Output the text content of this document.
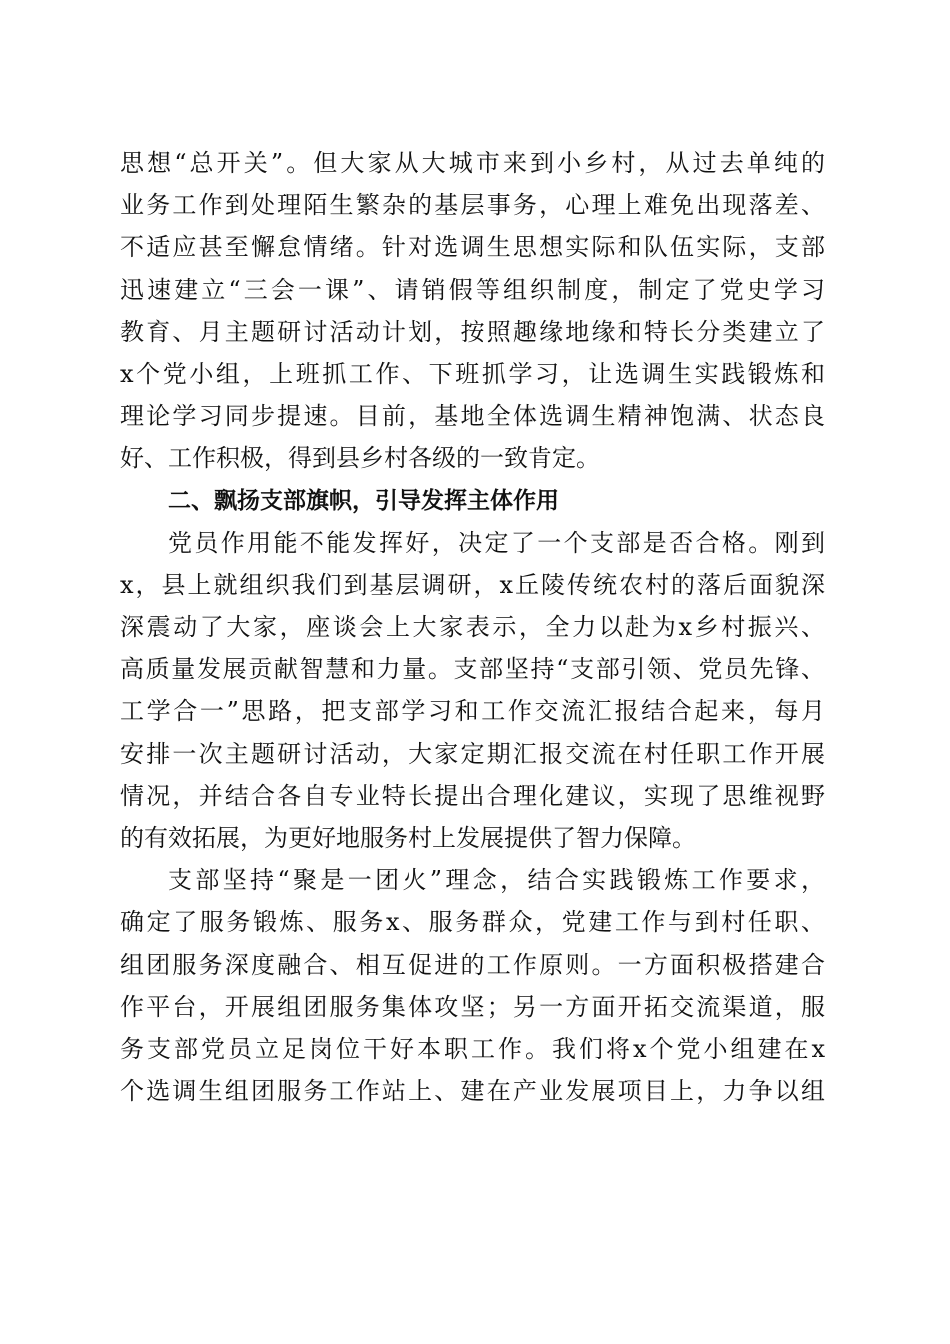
思想“总开关”。但大家从大城市来到小乡村，从过去单纯的
业务工作到处理陌生繁杂的基层事务，心理上难免出现落差、
不适应甚至懈怠情绪。针对选调生思想实际和队伍实际，支部
迅速建立“三会一课”、请销假等组织制度，制定了党史学习
教育、月主题研讨活动计划，按照趣缘地缘和特长分类建立了
x个党小组，上班抓工作、下班抓学习，让选调生实践锻炼和
理论学习同步提速。目前，基地全体选调生精神饱满、状态良
好、工作积极，得到县乡村各级的一致肯定。
二、飘扬支部旗帜，引导发挥主体作用
党员作用能不能发挥好，决定了一个支部是否合格。刚到
x，县上就组织我们到基层调研，x丘陵传统农村的落后面貌深
深震动了大家，座谈会上大家表示，全力以赴为x乡村振兴、
高质量发展贡献智慧和力量。支部坚持“支部引领、党员先锋、
工学合一”思路，把支部学习和工作交流汇报结合起来，每月
安排一次主题研讨活动，大家定期汇报交流在村任职工作开展
情况，并结合各自专业特长提出合理化建议，实现了思维视野
的有效拓展，为更好地服务村上发展提供了智力保障。
支部坚持“聚是一团火”理念，结合实践锻炼工作要求，
确定了服务锻炼、服务x、服务群众，党建工作与到村任职、
组团服务深度融合、相互促进的工作原则。一方面积极搭建合
作平台，开展组团服务集体攻坚；另一方面开拓交流渠道，服
务支部党员立足岗位干好本职工作。我们将x个党小组建在x
个选调生组团服务工作站上、建在产业发展项目上，力争以组
